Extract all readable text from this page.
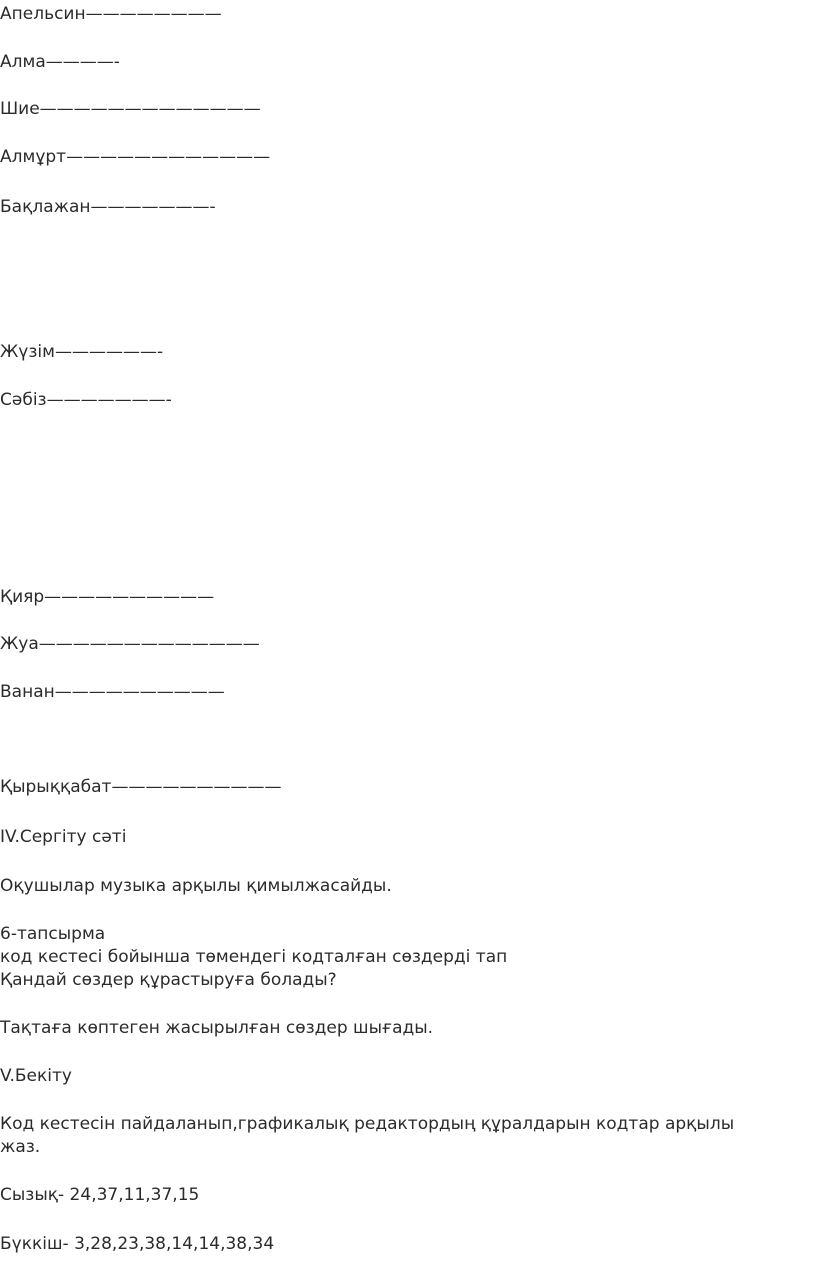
Апельсин————————

Алма————-

Шие—————————————

Алмұрт————————————

Бақлажан———————-

Жүзім——————-

Сәбіз———————-

Қияр——————————

Жуа—————————————

Ванан——————————

Қырыққабат——————————

IV.Сергіту сәті

Оқушылар музыка арқылы қимылжасайды.

6-тапсырма

код кестесі бойынша төмендегі кодталған сөздерді тап

Қандай сөздер құрастыруға болады?

Тақтаға көптеген жасырылған сөздер шығады.

V.Бекіту

Код кестесін пайдаланып,графикалық редактордың құралдарын кодтар арқылы

жаз.

Сызық- 24,37,11,37,15

Бүккіш- 3,28,23,38,14,14,38,34
